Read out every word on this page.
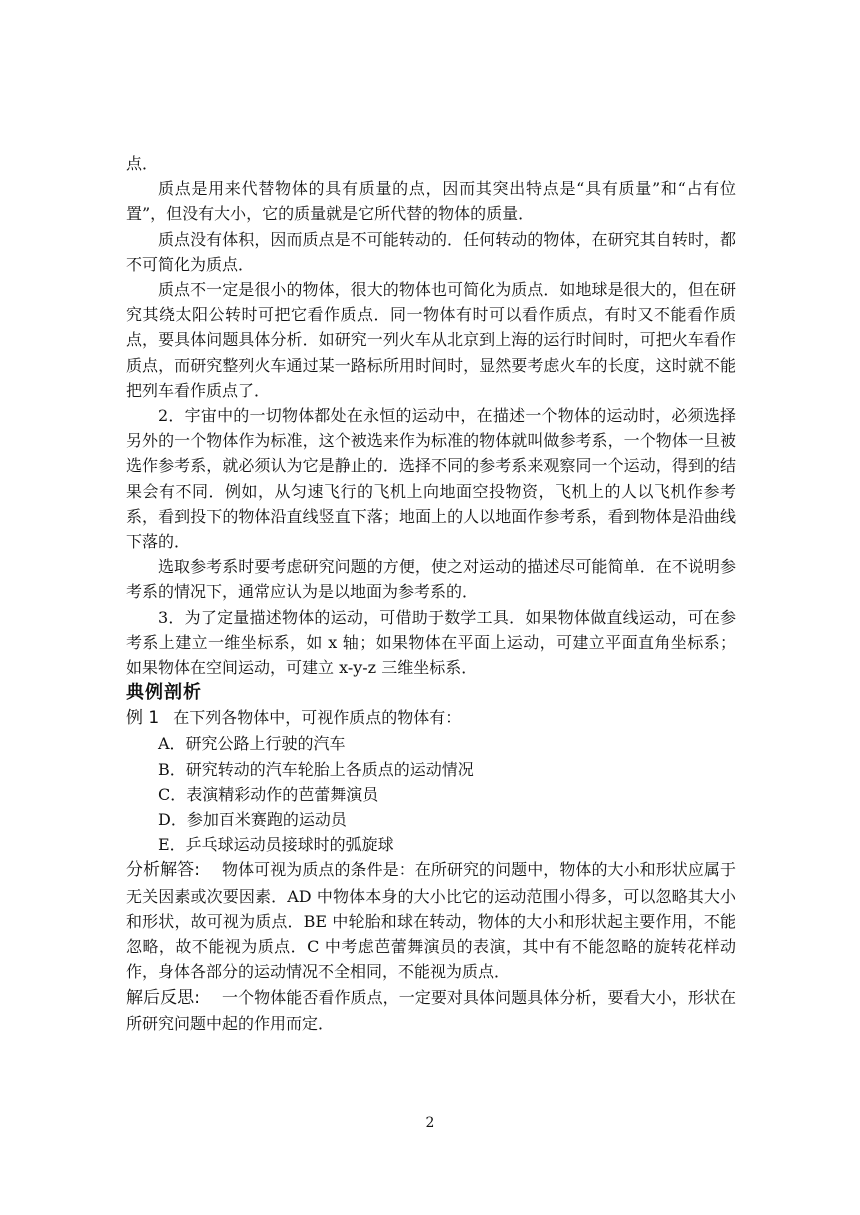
点．

质点是用来代替物体的具有质量的点，因而其突出特点是“具有质量”和“占有位置”，但没有大小，它的质量就是它所代替的物体的质量．

质点没有体积，因而质点是不可能转动的．任何转动的物体，在研究其自转时，都不可简化为质点．

质点不一定是很小的物体，很大的物体也可简化为质点．如地球是很大的，但在研究其绕太阳公转时可把它看作质点．同一物体有时可以看作质点，有时又不能看作质点，要具体问题具体分析．如研究一列火车从北京到上海的运行时间时，可把火车看作质点，而研究整列火车通过某一路标所用时间时，显然要考虑火车的长度，这时就不能把列车看作质点了．

2．宇宙中的一切物体都处在永恒的运动中，在描述一个物体的运动时，必须选择另外的一个物体作为标准，这个被选来作为标准的物体就叫做参考系，一个物体一旦被选作参考系，就必须认为它是静止的．选择不同的参考系来观察同一个运动，得到的结果会有不同．例如，从匀速飞行的飞机上向地面空投物资，飞机上的人以飞机作参考系，看到投下的物体沿直线竖直下落；地面上的人以地面作参考系，看到物体是沿曲线下落的．

选取参考系时要考虑研究问题的方便，使之对运动的描述尽可能简单．在不说明参考系的情况下，通常应认为是以地面为参考系的．

3．为了定量描述物体的运动，可借助于数学工具．如果物体做直线运动，可在参考系上建立一维坐标系，如 x 轴；如果物体在平面上运动，可建立平面直角坐标系；如果物体在空间运动，可建立 x-y-z 三维坐标系．

典例剖析

例 1 在下列各物体中，可视作质点的物体有：

A．研究公路上行驶的汽车
B．研究转动的汽车轮胎上各质点的运动情况
C．表演精彩动作的芭蕾舞演员
D．参加百米赛跑的运动员
E．乒乓球运动员接球时的弧旋球

分析解答: 物体可视为质点的条件是：在所研究的问题中，物体的大小和形状应属于无关因素或次要因素．AD 中物体本身的大小比它的运动范围小得多，可以忽略其大小和形状，故可视为质点．BE 中轮胎和球在转动，物体的大小和形状起主要作用，不能忽略，故不能视为质点．C 中考虑芭蕾舞演员的表演，其中有不能忽略的旋转花样动作，身体各部分的运动情况不全相同，不能视为质点．

解后反思: 一个物体能否看作质点，一定要对具体问题具体分析，要看大小，形状在所研究问题中起的作用而定．

2
